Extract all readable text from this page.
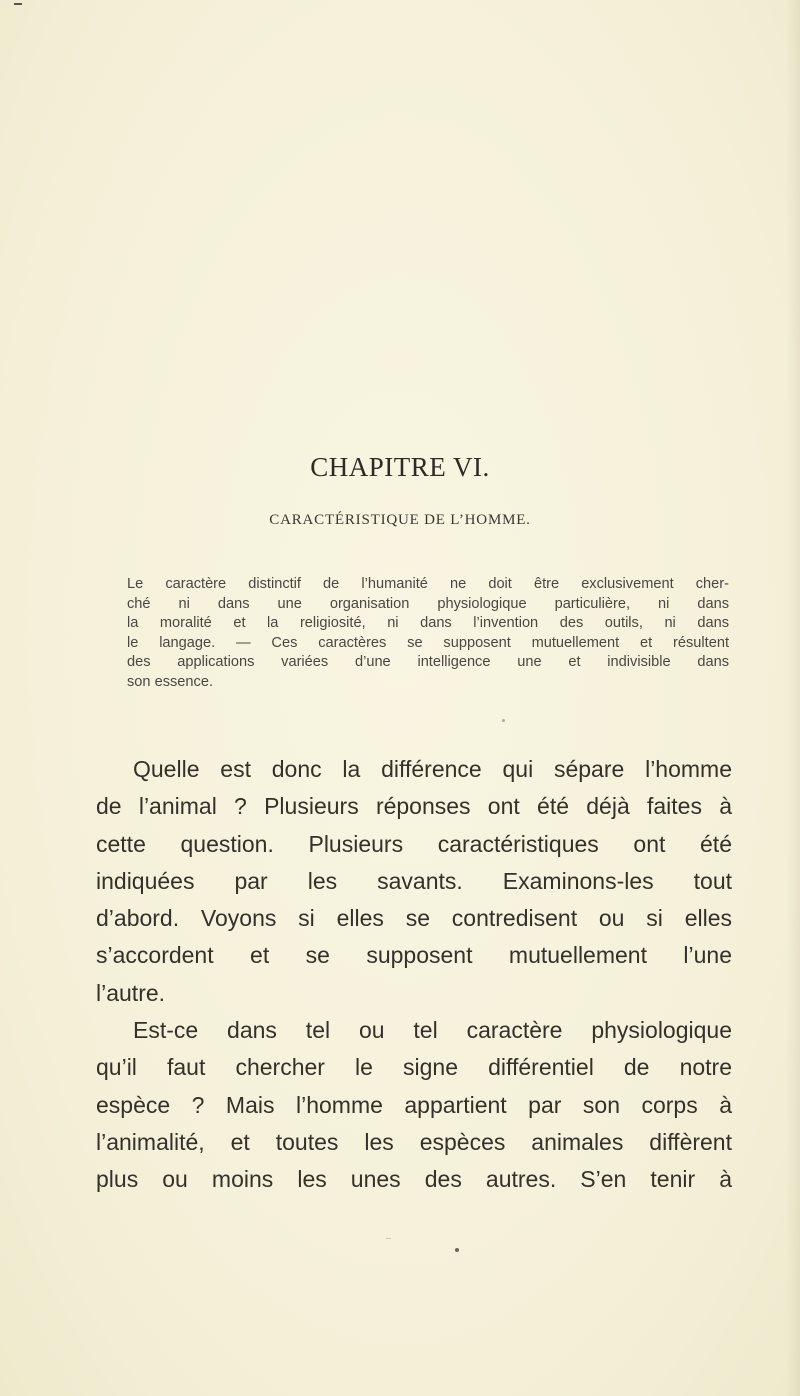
CHAPITRE VI.
CARACTÉRISTIQUE DE L’HOMME.
Le caractère distinctif de l’humanité ne doit être exclusivement cher-
ché ni dans une organisation physiologique particulière, ni dans
la moralité et la religiosité, ni dans l’invention des outils, ni dans
le langage. — Ces caractères se supposent mutuellement et résultent
des applications variées d’une intelligence une et indivisible dans
son essence.
Quelle est donc la différence qui sépare l’homme
de l’animal ? Plusieurs réponses ont été déjà faites à
cette question. Plusieurs caractéristiques ont été
indiquées par les savants. Examinons-les tout
d’abord. Voyons si elles se contredisent ou si elles
s’accordent et se supposent mutuellement l’une
l’autre.
Est-ce dans tel ou tel caractère physiologique
qu’il faut chercher le signe différentiel de notre
espèce ? Mais l’homme appartient par son corps à
l’animalité, et toutes les espèces animales diffèrent
plus ou moins les unes des autres. S’en tenir à
